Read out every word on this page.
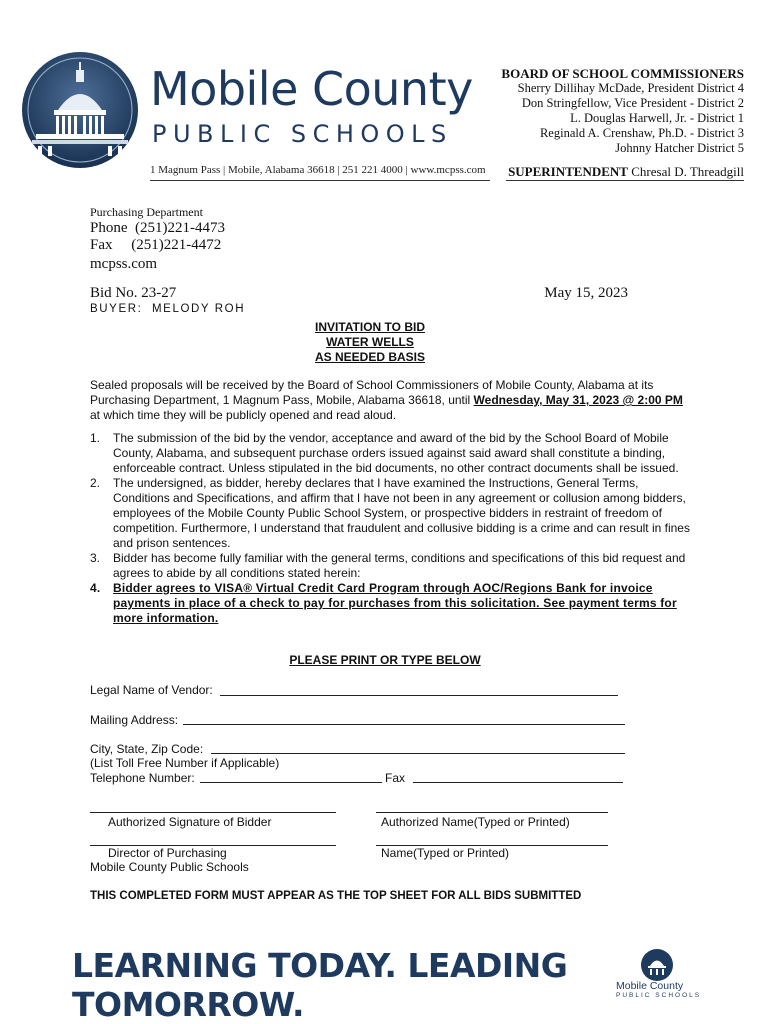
Mobile County
PUBLIC SCHOOLS
1 Magnum Pass | Mobile, Alabama 36618 | 251 221 4000 | www.mcpss.com
BOARD OF SCHOOL COMMISSIONERS
Sherry Dillihay McDade, President District 4
Don Stringfellow, Vice President - District 2
L. Douglas Harwell, Jr. - District 1
Reginald A. Crenshaw, Ph.D. - District 3
Johnny Hatcher District 5
SUPERINTENDENT Chresal D. Threadgill
Purchasing Department
Phone  (251)221-4473
Fax     (251)221-4472
mcpss.com
Bid No. 23-27	May 15, 2023
BUYER:  MELODY ROH
INVITATION TO BID
WATER WELLS
AS NEEDED BASIS
Sealed proposals will be received by the Board of School Commissioners of Mobile County, Alabama at its Purchasing Department, 1 Magnum Pass, Mobile, Alabama 36618, until Wednesday, May 31, 2023 @ 2:00 PM at which time they will be publicly opened and read aloud.
1. The submission of the bid by the vendor, acceptance and award of the bid by the School Board of Mobile County, Alabama, and subsequent purchase orders issued against said award shall constitute a binding, enforceable contract. Unless stipulated in the bid documents, no other contract documents shall be issued.
2. The undersigned, as bidder, hereby declares that I have examined the Instructions, General Terms, Conditions and Specifications, and affirm that I have not been in any agreement or collusion among bidders, employees of the Mobile County Public School System, or prospective bidders in restraint of freedom of competition. Furthermore, I understand that fraudulent and collusive bidding is a crime and can result in fines and prison sentences.
3. Bidder has become fully familiar with the general terms, conditions and specifications of this bid request and agrees to abide by all conditions stated herein:
4. Bidder agrees to VISA® Virtual Credit Card Program through AOC/Regions Bank for invoice payments in place of a check to pay for purchases from this solicitation. See payment terms for more information.
PLEASE PRINT OR TYPE BELOW
Legal Name of Vendor:
Mailing Address:
City, State, Zip Code:
(List Toll Free Number if Applicable)
Telephone Number:	Fax
Authorized Signature of Bidder	Authorized Name(Typed or Printed)
Director of Purchasing	Name(Typed or Printed)
Mobile County Public Schools
THIS COMPLETED FORM MUST APPEAR AS THE TOP SHEET FOR ALL BIDS SUBMITTED
LEARNING TODAY. LEADING TOMORROW.	Mobile County
PUBLIC SCHOOLS
